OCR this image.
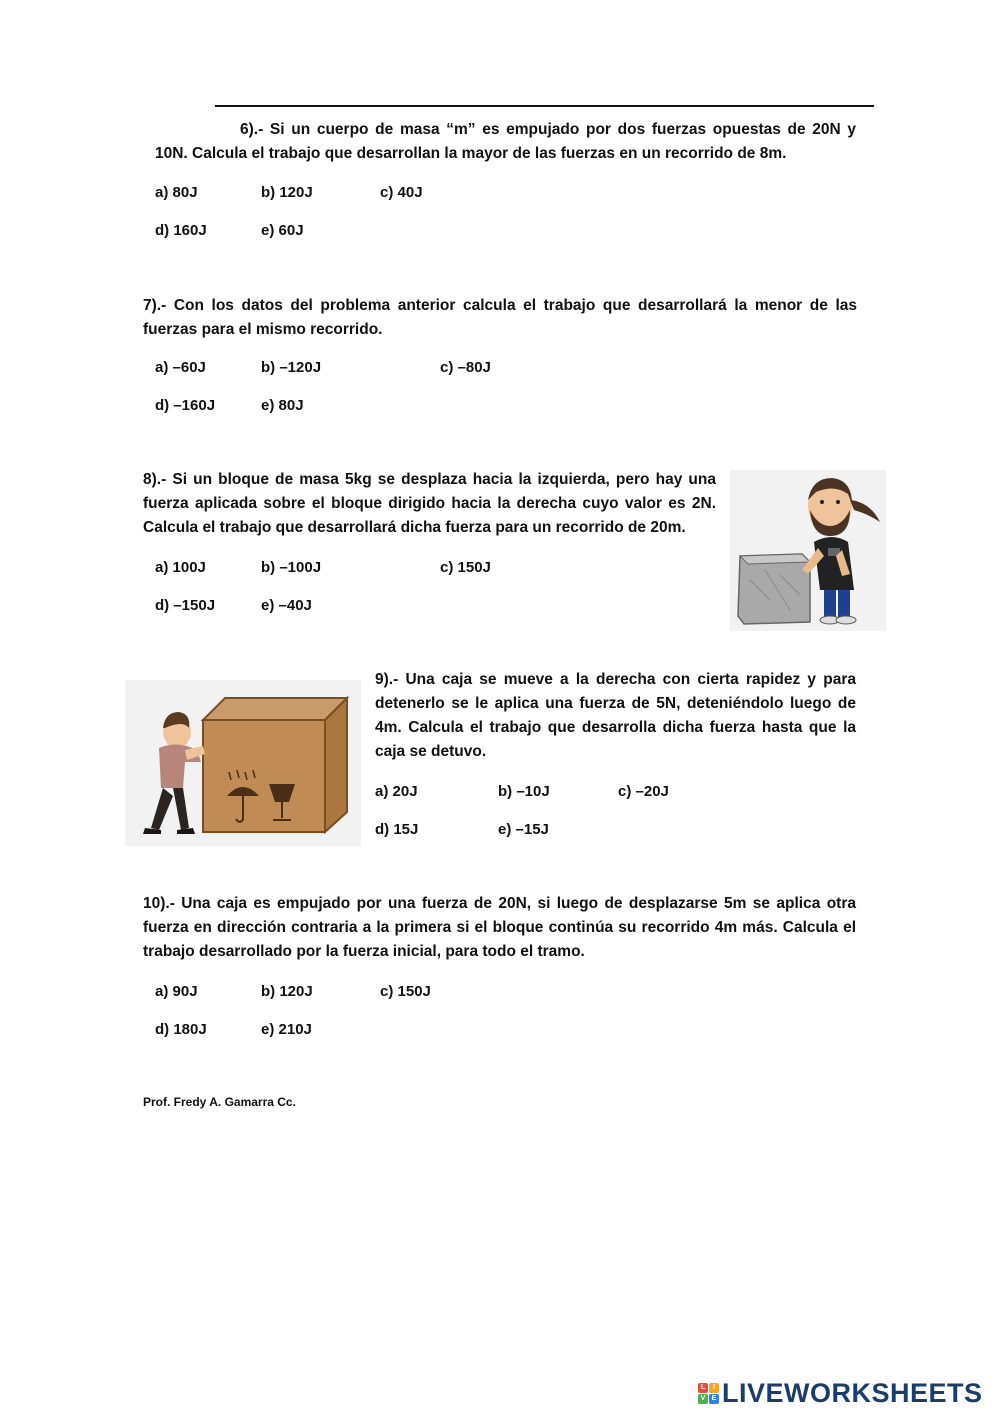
6).- Si un cuerpo de masa “m” es empujado por dos fuerzas opuestas de 20N y
10N. Calcula el trabajo que desarrollan la mayor de las fuerzas en un recorrido de 8m.
a) 80J	b) 120J	c) 40J
d) 160J	e) 60J
7).- Con los datos del problema anterior calcula el trabajo que desarrollará la menor de las fuerzas para el mismo recorrido.
a) –60J	b) –120J	c) –80J
d) –160J	e) 80J
8).- Si un bloque de masa 5kg se desplaza hacia la izquierda, pero hay una fuerza aplicada sobre el bloque dirigido hacia la derecha cuyo valor es 2N. Calcula el trabajo que desarrollará dicha fuerza para un recorrido de 20m.
a) 100J	b) –100J	c) 150J
d) –150J	e) –40J
9).- Una caja se mueve a la derecha con cierta rapidez y para detenerlo se le aplica una fuerza de 5N, deteniéndolo luego de 4m. Calcula el trabajo que desarrolla dicha fuerza hasta que la caja se detuvo.
a) 20J	b) –10J	c) –20J
d) 15J	e) –15J
10).- Una caja es empujado por una fuerza de 20N, si luego de desplazarse 5m se aplica otra fuerza en dirección contraria a la primera si el bloque continúa su recorrido 4m más. Calcula el trabajo desarrollado por la fuerza inicial, para todo el tramo.
a) 90J	b) 120J	c) 150J
d) 180J	e) 210J
Prof. Fredy A. Gamarra Cc.
L	I
V E LIVEWORKSHEETS
